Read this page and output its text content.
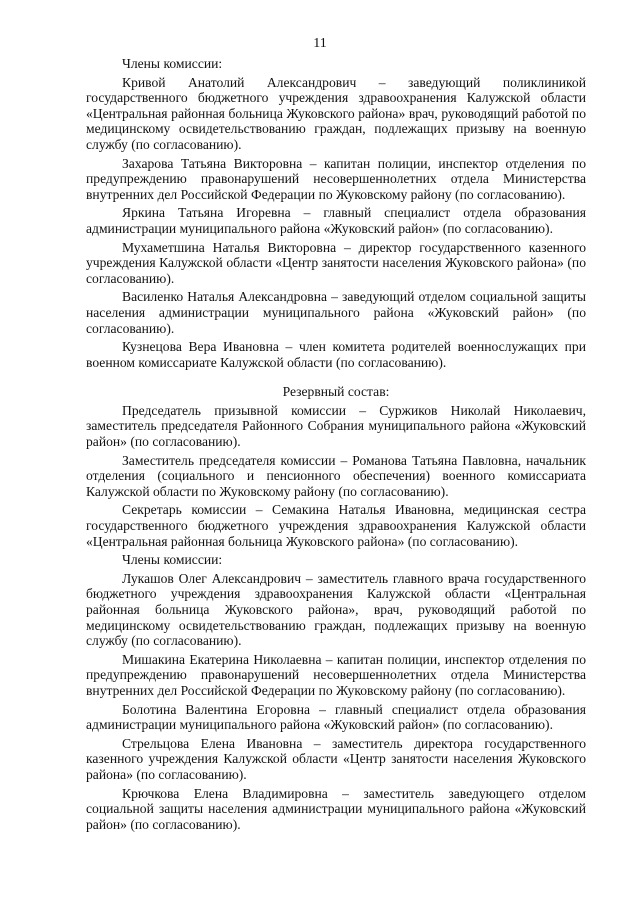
11

Члены комиссии:

Кривой Анатолий Александрович – заведующий поликлиникой государственного бюджетного учреждения здравоохранения Калужской области «Центральная районная больница Жуковского района» врач, руководящий работой по медицинскому освидетельствованию граждан, подлежащих призыву на военную службу (по согласованию).

Захарова Татьяна Викторовна – капитан полиции, инспектор отделения по предупреждению правонарушений несовершеннолетних отдела Министерства внутренних дел Российской Федерации по Жуковскому району (по согласованию).

Яркина Татьяна Игоревна – главный специалист отдела образования администрации муниципального района «Жуковский район» (по согласованию).

Мухаметшина Наталья Викторовна – директор государственного казенного учреждения Калужской области «Центр занятости населения Жуковского района» (по согласованию).

Василенко Наталья Александровна – заведующий отделом социальной защиты населения администрации муниципального района «Жуковский район» (по согласованию).

Кузнецова Вера Ивановна – член комитета родителей военнослужащих при военном комиссариате Калужской области (по согласованию).

Резервный состав:

Председатель призывной комиссии – Суржиков Николай Николаевич, заместитель председателя Районного Собрания муниципального района «Жуковский район» (по согласованию).

Заместитель председателя комиссии – Романова Татьяна Павловна, начальник отделения (социального и пенсионного обеспечения) военного комиссариата Калужской области по Жуковскому району (по согласованию).

Секретарь комиссии – Семакина Наталья Ивановна, медицинская сестра государственного бюджетного учреждения здравоохранения Калужской области «Центральная районная больница Жуковского района» (по согласованию).

Члены комиссии:

Лукашов Олег Александрович – заместитель главного врача государственного бюджетного учреждения здравоохранения Калужской области «Центральная районная больница Жуковского района», врач, руководящий работой по медицинскому освидетельствованию граждан, подлежащих призыву на военную службу (по согласованию).

Мишакина Екатерина Николаевна – капитан полиции, инспектор отделения по предупреждению правонарушений несовершеннолетних отдела Министерства внутренних дел Российской Федерации по Жуковскому району (по согласованию).

Болотина Валентина Егоровна – главный специалист отдела образования администрации муниципального района «Жуковский район» (по согласованию).

Стрельцова Елена Ивановна – заместитель директора государственного казенного учреждения Калужской области «Центр занятости населения Жуковского района» (по согласованию).

Крючкова Елена Владимировна – заместитель заведующего отделом социальной защиты населения администрации муниципального района «Жуковский район» (по согласованию).
